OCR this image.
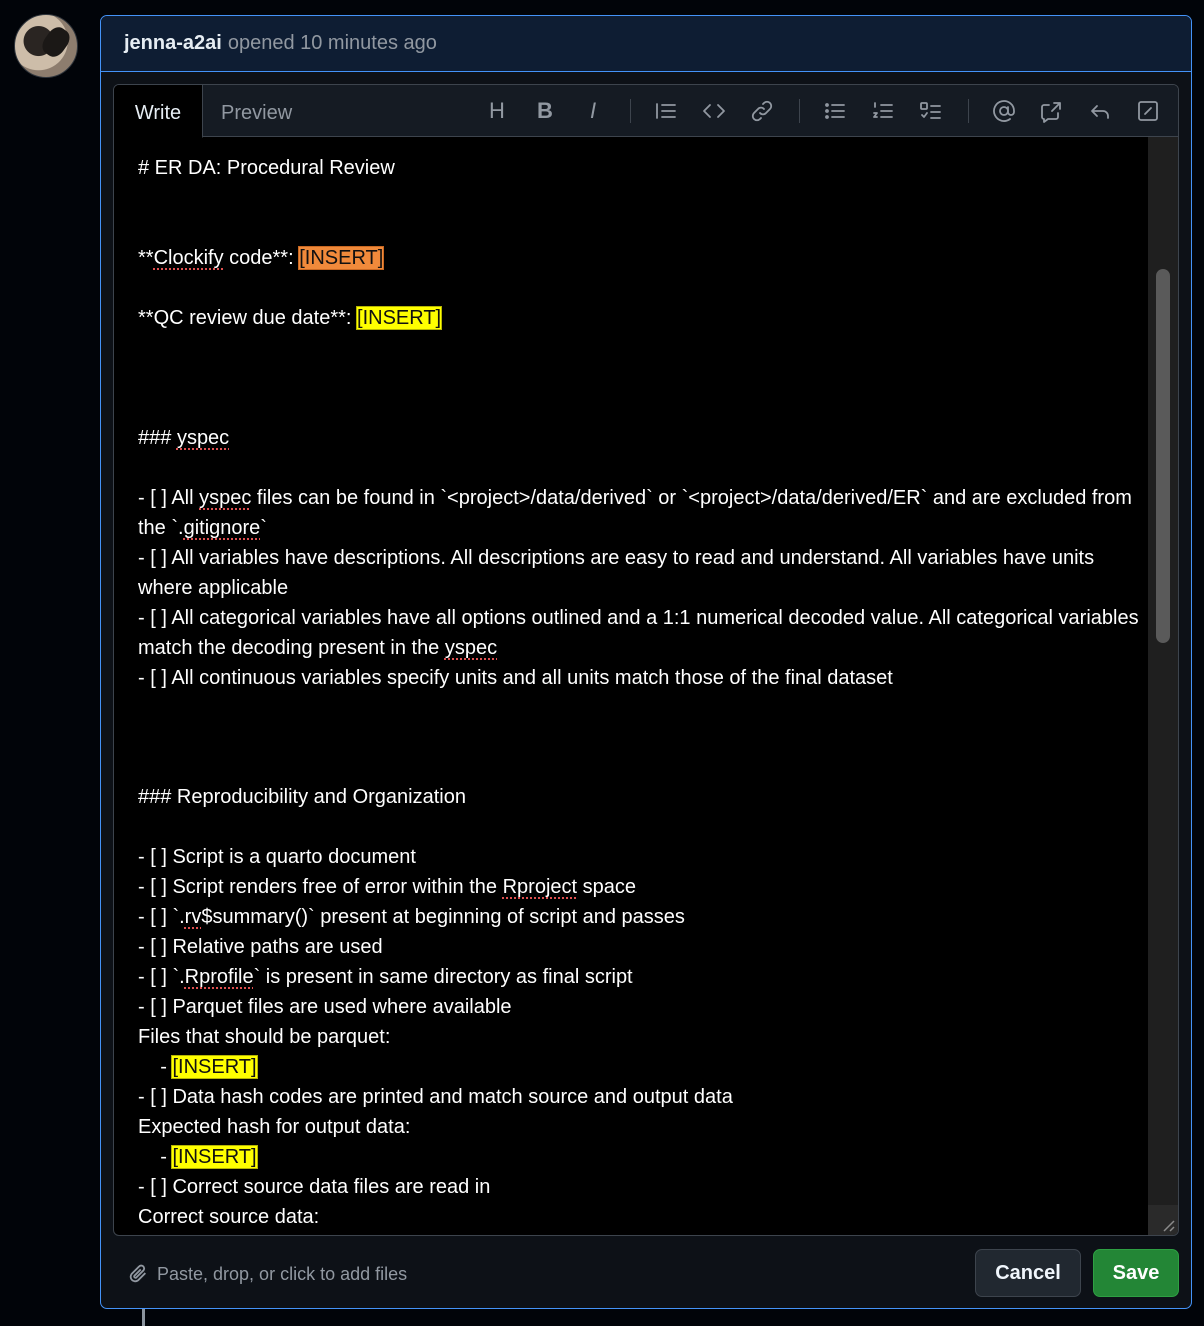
jenna-a2ai opened 10 minutes ago
Write	Preview	H B I
# ER DA: Procedural Review
**Clockify code**: [INSERT]
**QC review due date**: [INSERT]
### yspec
- [ ] All yspec files can be found in `<project>/data/derived` or `<project>/data/derived/ER` and are excluded from the `.gitignore`
- [ ] All variables have descriptions. All descriptions are easy to read and understand. All variables have units where applicable
- [ ] All categorical variables have all options outlined and a 1:1 numerical decoded value. All categorical variables match the decoding present in the yspec
- [ ] All continuous variables specify units and all units match those of the final dataset
### Reproducibility and Organization
- [ ] Script is a quarto document
- [ ] Script renders free of error within the Rproject space
- [ ] `.rv$summary()` present at beginning of script and passes
- [ ] Relative paths are used
- [ ] `.Rprofile` is present in same directory as final script
- [ ] Parquet files are used where available
Files that should be parquet:
- [INSERT]
- [ ] Data hash codes are printed and match source and output data
Expected hash for output data:
- [INSERT]
- [ ] Correct source data files are read in
Correct source data:
Paste, drop, or click to add files	Cancel	Save
